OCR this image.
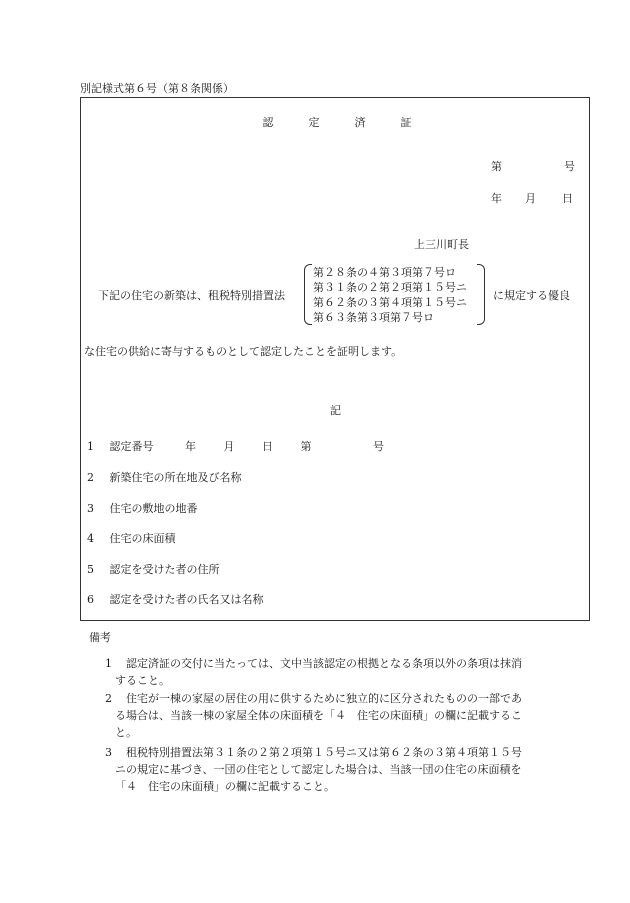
別記様式第６号（第８条関係）
認	定	済	証
第	号
年 月 日
上三川町長
下記の住宅の新築は、租税特別措置法
第２８条の４第３項第７号ロ
第３１条の２第２項第１５号ニ
第６２条の３第４項第１５号ニ
第６３条第３項第７号ロ
に規定する優良
な住宅の供給に寄与するものとして認定したことを証明します。
記
1 認定番号	年	月	日	第	号
2 新築住宅の所在地及び名称
3 住宅の敷地の地番
4 住宅の床面積
5 認定を受けた者の住所
6 認定を受けた者の氏名又は名称
備考
1 認定済証の交付に当たっては、文中当該認定の根拠となる条項以外の条項は抹消
すること。
2 住宅が一棟の家屋の居住の用に供するために独立的に区分されたものの一部であ
る場合は、当該一棟の家屋全体の床面積を「４　住宅の床面積」の欄に記載するこ
と。
3 租税特別措置法第３１条の２第２項第１５号ニ又は第６２条の３第４項第１５号
ニの規定に基づき、一団の住宅として認定した場合は、当該一団の住宅の床面積を
「４　住宅の床面積」の欄に記載すること。
